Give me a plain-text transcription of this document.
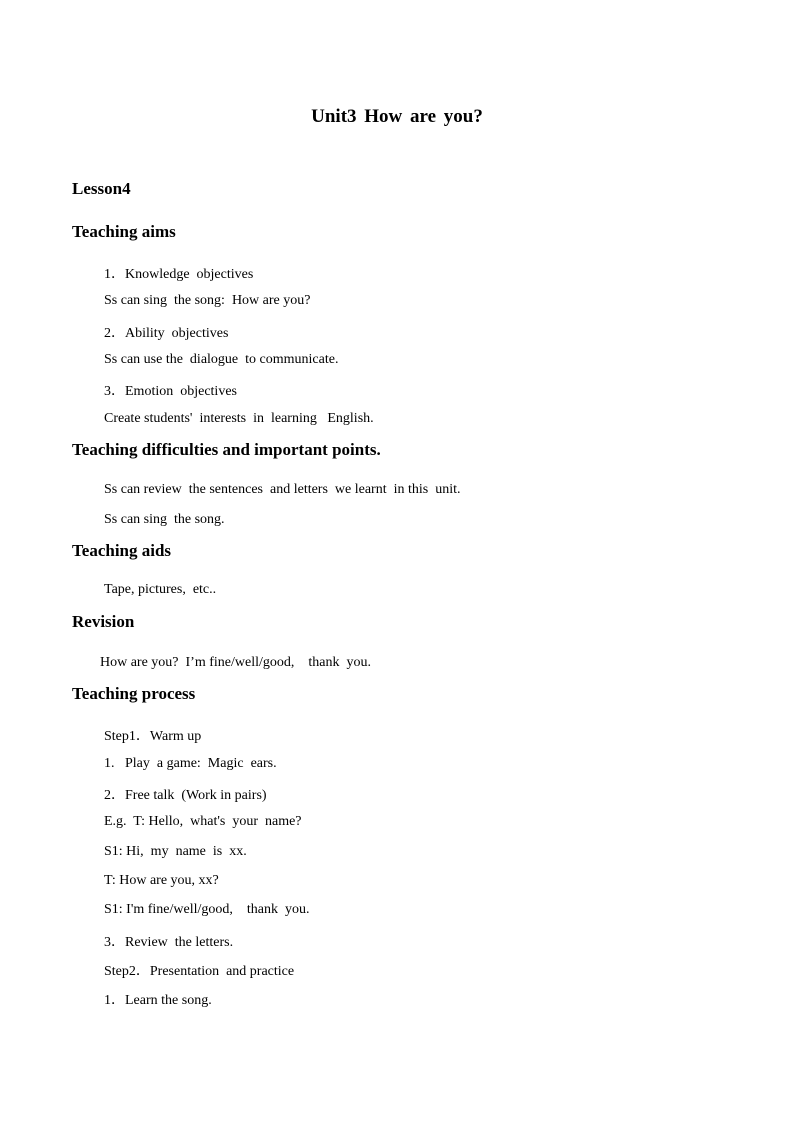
Unit3 How are you?
Lesson4
Teaching aims
1．Knowledge  objectives
Ss can sing  the song:  How are you?
2．Ability  objectives
Ss can use the  dialogue  to communicate.
3．Emotion  objectives
Create students'  interests  in  learning   English.
Teaching difficulties and important points.
Ss can review  the sentences  and letters  we learnt  in this  unit.
Ss can sing  the song.
Teaching aids
Tape, pictures,  etc..
Revision
How are you?  I’m fine/well/good,    thank  you.
Teaching process
Step1．Warm up
1.   Play  a game:  Magic  ears.
2．Free talk  (Work in pairs)
E.g.  T: Hello,  what's  your  name?
S1: Hi,  my  name  is  xx.
T: How are you, xx?
S1: I'm fine/well/good,    thank  you.
3．Review  the letters.
Step2．Presentation  and practice
1．Learn the song.
